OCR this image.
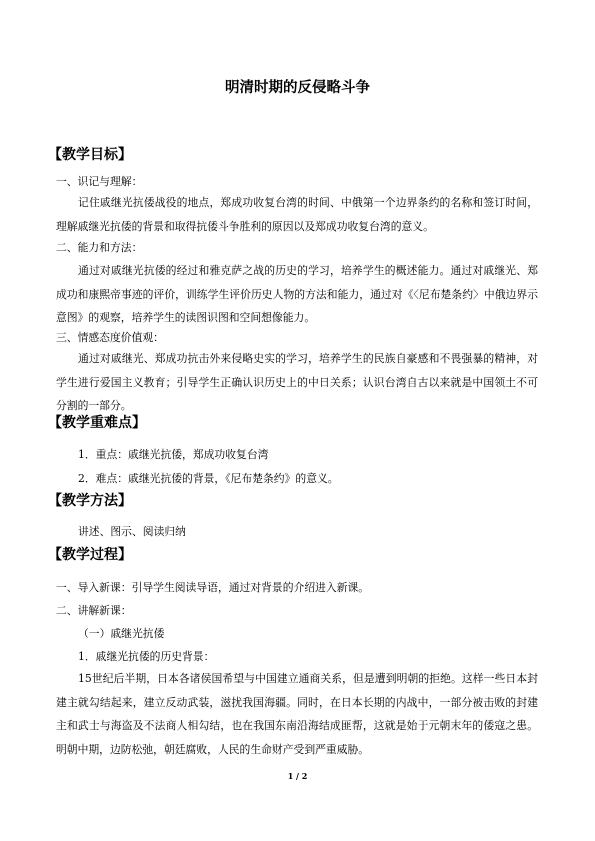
明清时期的反侵略斗争
【教学目标】
一、识记与理解：
记住戚继光抗倭战役的地点，郑成功收复台湾的时间、中俄第一个边界条约的名称和签订时间，理解戚继光抗倭的背景和取得抗倭斗争胜利的原因以及郑成功收复台湾的意义。
二、能力和方法：
通过对戚继光抗倭的经过和雅克萨之战的历史的学习，培养学生的概述能力。通过对戚继光、郑成功和康熙帝事迹的评价，训练学生评价历史人物的方法和能力，通过对《〈尼布楚条约〉中俄边界示意图》的观察，培养学生的读图识图和空间想像能力。
三、情感态度价值观：
通过对戚继光、郑成功抗击外来侵略史实的学习，培养学生的民族自豪感和不畏强暴的精神，对学生进行爱国主义教育；引导学生正确认识历史上的中日关系；认识台湾自古以来就是中国领土不可分割的一部分。
【教学重难点】
1．重点：戚继光抗倭，郑成功收复台湾
2．难点：戚继光抗倭的背景，《尼布楚条约》的意义。
【教学方法】
讲述、图示、阅读归纳
【教学过程】
一、导入新课：引导学生阅读导语，通过对背景的介绍进入新课。
二、讲解新课：
（一）戚继光抗倭
1．戚继光抗倭的历史背景：
15世纪后半期，日本各诸侯国希望与中国建立通商关系，但是遭到明朝的拒绝。这样一些日本封建主就勾结起来，建立反动武装，滋扰我国海疆。同时，在日本长期的内战中，一部分被击败的封建主和武士与海盗及不法商人相勾结，也在我国东南沿海结成匪帮，这就是始于元朝末年的倭寇之患。明朝中期，边防松弛，朝廷腐败，人民的生命财产受到严重威胁。
1 / 2
